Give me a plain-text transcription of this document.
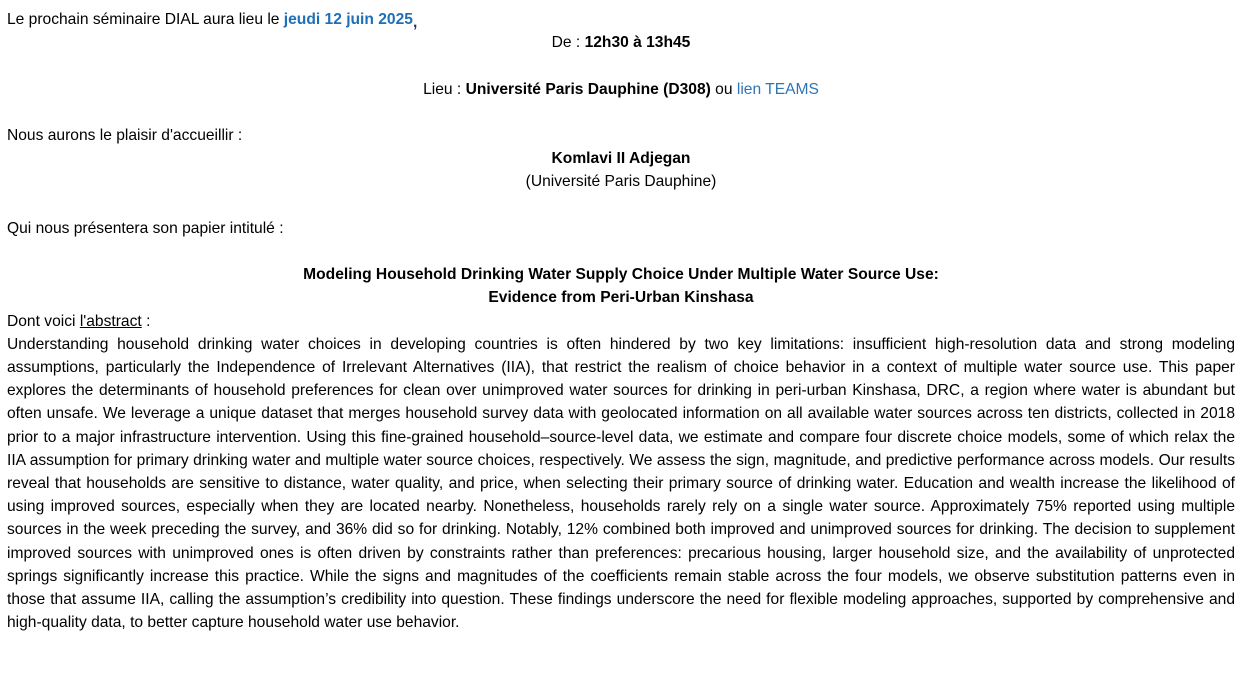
Le prochain séminaire DIAL aura lieu le jeudi 12 juin 2025,
De : 12h30 à 13h45
Lieu : Université Paris Dauphine (D308) ou lien TEAMS
Nous aurons le plaisir d'accueillir :
Komlavi II Adjegan
(Université Paris Dauphine)
Qui nous présentera son papier intitulé :
Modeling Household Drinking Water Supply Choice Under Multiple Water Source Use:
Evidence from Peri-Urban Kinshasa
Dont voici l'abstract :
Understanding household drinking water choices in developing countries is often hindered by two key limitations: insufficient high-resolution data and strong modeling assumptions, particularly the Independence of Irrelevant Alternatives (IIA), that restrict the realism of choice behavior in a context of multiple water source use. This paper explores the determinants of household preferences for clean over unimproved water sources for drinking in peri-urban Kinshasa, DRC, a region where water is abundant but often unsafe. We leverage a unique dataset that merges household survey data with geolocated information on all available water sources across ten districts, collected in 2018 prior to a major infrastructure intervention. Using this fine-grained household–source-level data, we estimate and compare four discrete choice models, some of which relax the IIA assumption for primary drinking water and multiple water source choices, respectively. We assess the sign, magnitude, and predictive performance across models. Our results reveal that households are sensitive to distance, water quality, and price, when selecting their primary source of drinking water. Education and wealth increase the likelihood of using improved sources, especially when they are located nearby. Nonetheless, households rarely rely on a single water source. Approximately 75% reported using multiple sources in the week preceding the survey, and 36% did so for drinking. Notably, 12% combined both improved and unimproved sources for drinking. The decision to supplement improved sources with unimproved ones is often driven by constraints rather than preferences: precarious housing, larger household size, and the availability of unprotected springs significantly increase this practice. While the signs and magnitudes of the coefficients remain stable across the four models, we observe substitution patterns even in those that assume IIA, calling the assumption’s credibility into question. These findings underscore the need for flexible modeling approaches, supported by comprehensive and high-quality data, to better capture household water use behavior.
